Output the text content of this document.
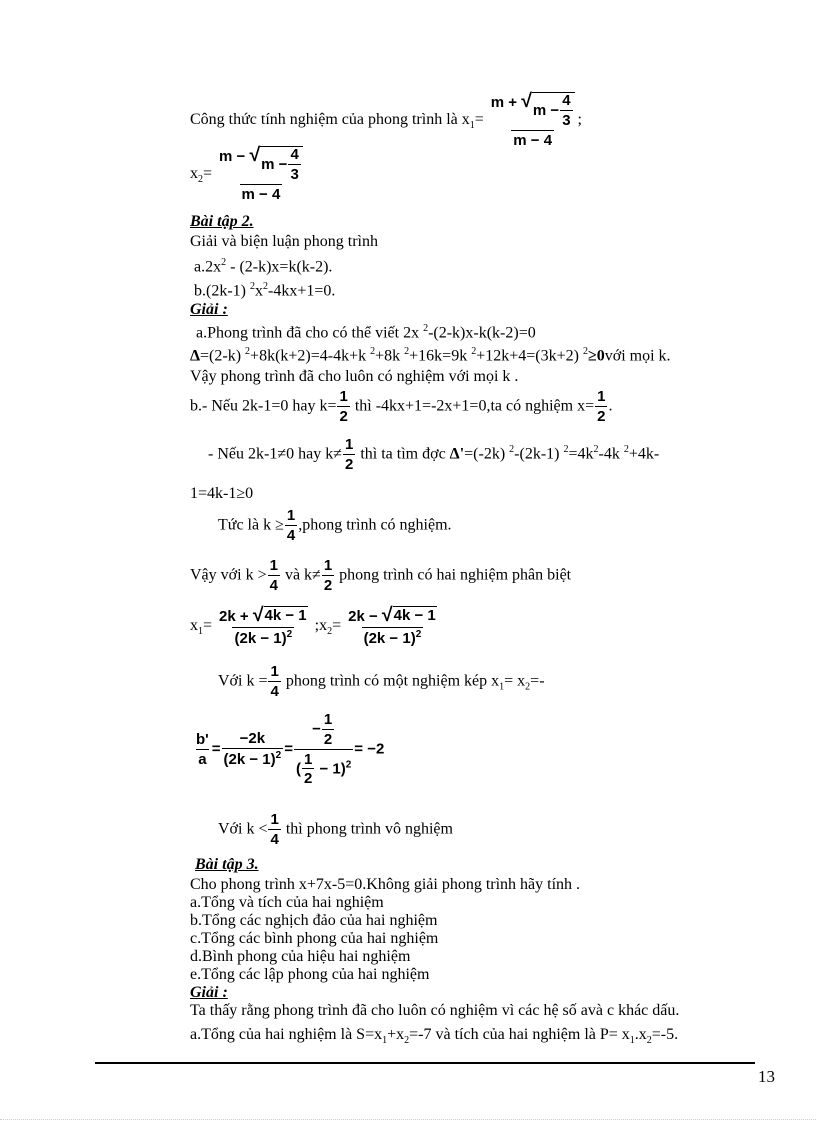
Công thức tính nghiệm của phong trình là $x_1= \frac{m + √ m - \frac{4}{3}}{m - 4}$ ;
$x_2= \frac{m - √ m - \frac{4}{3}}{m - 4}$
Bài tập 2.
Giải và biện luận phong trình
$a.2x^2 - (2-k)x=k(k-2)$.
b.(2k-1) $^2x^2-4kx+1=0$.
Giải :
a.Phong trình đã cho có thể viết 2x $^2$-(2-k)x-k(k-2)=0
Δ=(2-k) $^2$+8k(k+2)=4-4k+k $^2$+8k $^2$+16k=9k $^2$+12k+4=(3k+2) $^2$≥0với mọi k.
Vậy phong trình đã cho luôn có nghiệm với mọi k .
b.- Nếu 2k-1=0 hay $k= \frac{1}{2}$ thì -4kx+1=-2x+1=0,ta có nghiệm $x= \frac{1}{2}$ .
- Nếu 2k-1≠0 hay $k\ne \frac{1}{2}$ thì ta tìm đợc Δ'=(-2k) $^2$-(2k-1) $^2=4k^2-4k$ $^2$+4k-
1=4k-1≥0
Tức là $k \ge \frac{1}{4}$ ,phong trình có nghiệm.
Vậy với $k > \frac{1}{4}$ và $k\ne \frac{1}{2}$ phong trình có hai nghiệm phân biệt
$x_1= \frac{2k + √ 4k - 1}{(2k - 1)^2}$ $;x_2= \frac{2k - √ 4k - 1}{(2k - 1)^2}$
Với $k = \frac{1}{4}$ phong trình có một nghiệm kép $x_1= x_2=-$
$\frac{b'}{a} = \frac{-2k}{(2k - 1)^2} = \frac{- \frac{1}{2}}{( \frac{1}{2} - 1)^2} = -2$
Với $k < \frac{1}{4}$ thì phong trình vô nghiệm
Bài tập 3.
Cho phong trình x+7x-5=0.Không giải phong trình hãy tính .
a.Tổng và tích của hai nghiệm
b.Tổng các nghịch đảo của hai nghiệm
c.Tổng các bình phong của hai nghiệm
d.Bình phong của hiệu hai nghiệm
e.Tổng các lập phong của hai nghiệm
Giải :
Ta thấy rằng phong trình đã cho luôn có nghiệm vì các hệ số avà c khác dấu.
a.Tổng của hai nghiệm là $S=x_1+x_2=-7$ và tích của hai nghiệm là $P= x_1.x_2=-5$.
13
